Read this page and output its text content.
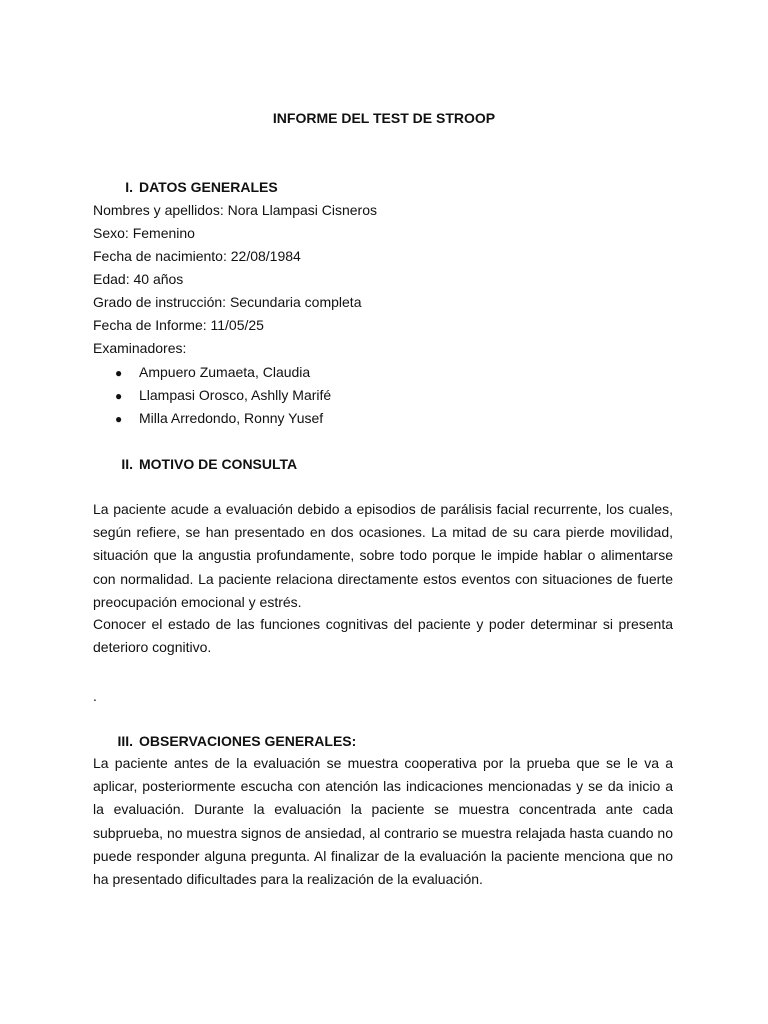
INFORME DEL TEST DE STROOP
I. DATOS GENERALES
Nombres y apellidos: Nora Llampasi Cisneros
Sexo: Femenino
Fecha de nacimiento: 22/08/1984
Edad: 40 años
Grado de instrucción: Secundaria completa
Fecha de Informe: 11/05/25
Examinadores:
● Ampuero Zumaeta, Claudia
● Llampasi Orosco, Ashlly Marifé
● Milla Arredondo, Ronny Yusef
II. MOTIVO DE CONSULTA
La paciente acude a evaluación debido a episodios de parálisis facial recurrente, los cuales, según refiere, se han presentado en dos ocasiones. La mitad de su cara pierde movilidad, situación que la angustia profundamente, sobre todo porque le impide hablar o alimentarse con normalidad. La paciente relaciona directamente estos eventos con situaciones de fuerte preocupación emocional y estrés.
Conocer el estado de las funciones cognitivas del paciente y poder determinar si presenta deterioro cognitivo.
.
III. OBSERVACIONES GENERALES:
La paciente antes de la evaluación se muestra cooperativa por la prueba que se le va a aplicar, posteriormente escucha con atención las indicaciones mencionadas y se da inicio a la evaluación. Durante la evaluación la paciente se muestra concentrada ante cada subprueba, no muestra signos de ansiedad, al contrario se muestra relajada hasta cuando no puede responder alguna pregunta. Al finalizar de la evaluación la paciente menciona que no ha presentado dificultades para la realización de la evaluación.
